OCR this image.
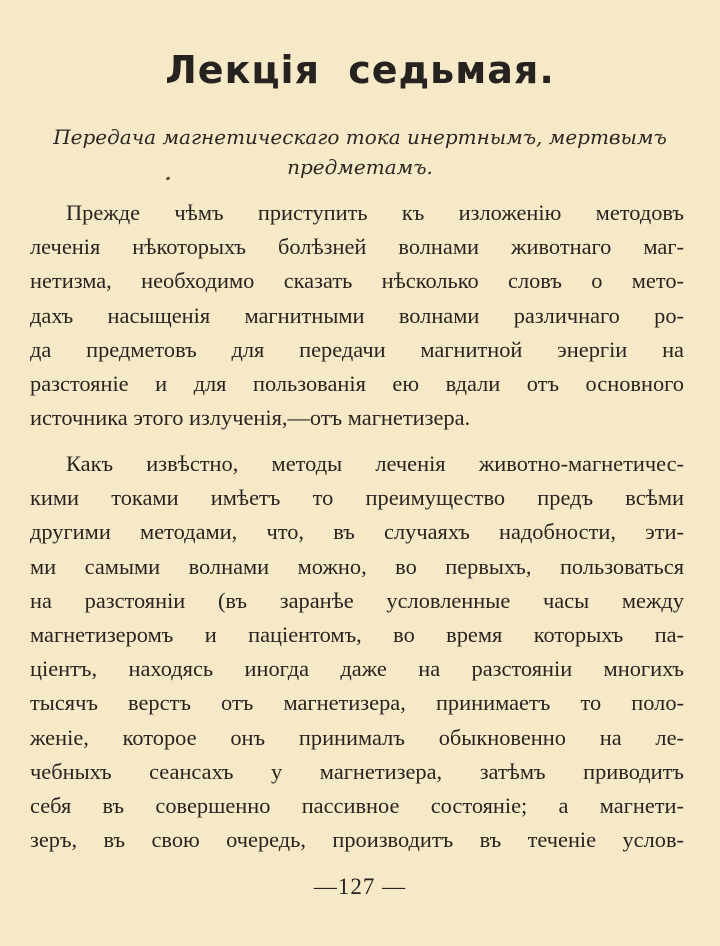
Лекція седьмая.
Передача магнетическаго тока инертнымъ, мертвымъ
предметамъ.
Прежде чѣмъ приступить къ изложенію методовъ
леченія нѣкоторыхъ болѣзней волнами животнаго маг-
нетизма, необходимо сказать нѣсколько словъ о мето-
дахъ насыщенія магнитными волнами различнаго ро-
да предметовъ для передачи магнитной энергіи на
разстояніе и для пользованія ею вдали отъ основного
источника этого излученія,—отъ магнетизера.
Какъ извѣстно, методы леченія животно-магнетичес-
кими токами имѣетъ то преимущество предъ всѣми
другими методами, что, въ случаяхъ надобности, эти-
ми самыми волнами можно, во первыхъ, пользоваться
на разстояніи (въ заранѣе условленные часы между
магнетизеромъ и паціентомъ, во время которыхъ па-
ціентъ, находясь иногда даже на разстояніи многихъ
тысячъ верстъ отъ магнетизера, принимаетъ то поло-
женіе, которое онъ принималъ обыкновенно на ле-
чебныхъ сеансахъ у магнетизера, затѣмъ приводитъ
себя въ совершенно пассивное состояніе; а магнети-
зеръ, въ свою очередь, производитъ въ теченіе услов-
—127 —
